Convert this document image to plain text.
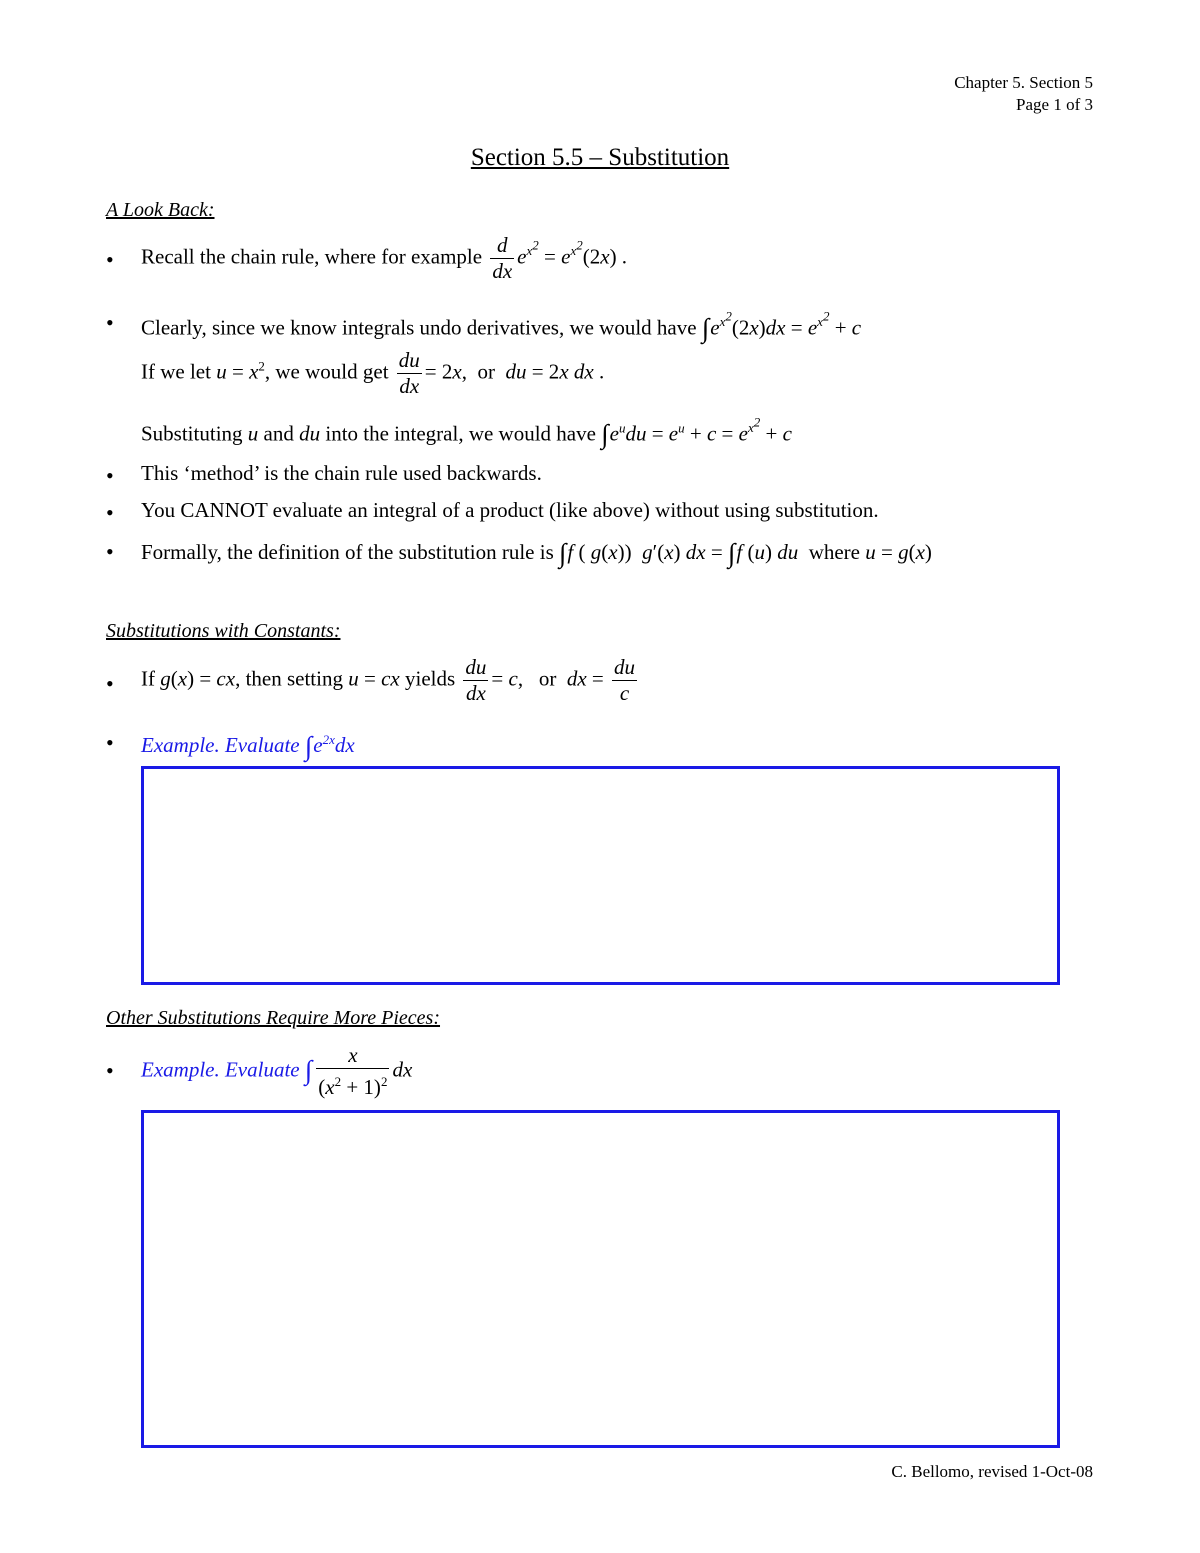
Chapter 5. Section 5
Page 1 of 3
Section 5.5 – Substitution
A Look Back:
• Recall the chain rule, where for example $\frac{d}{dx} e^{x^2} = e^{x^2}(2x)$ .
• Clearly, since we know integrals undo derivatives, we would have $\int e^{x^2}(2x)dx = e^{x^2} + c$
If we let $u = x^2$, we would get $\frac{du}{dx} = 2x$,  or du = 2x dx .
Substituting u and du into the integral, we would have $\int e^udu = e^u + c = e^{x^2} + c$
• This ‘method’ is the chain rule used backwards.
• You CANNOT evaluate an integral of a product (like above) without using substitution.
• Formally, the definition of the substitution rule is ∫f ( g(x))  g′(x) dx = ∫f (u) du where u = g(x)
Substitutions with Constants:
• If g(x) = cx, then setting u = cx yields $\frac{du}{dx} = c$,   or dx = $\frac{du}{c}$
• Example. Evaluate $\int e^{2x}dx$
Other Substitutions Require More Pieces:
• Example. Evaluate ∫ $\frac{x}{(x^2 + 1)^2}$ dx
C. Bellomo, revised 1-Oct-08
